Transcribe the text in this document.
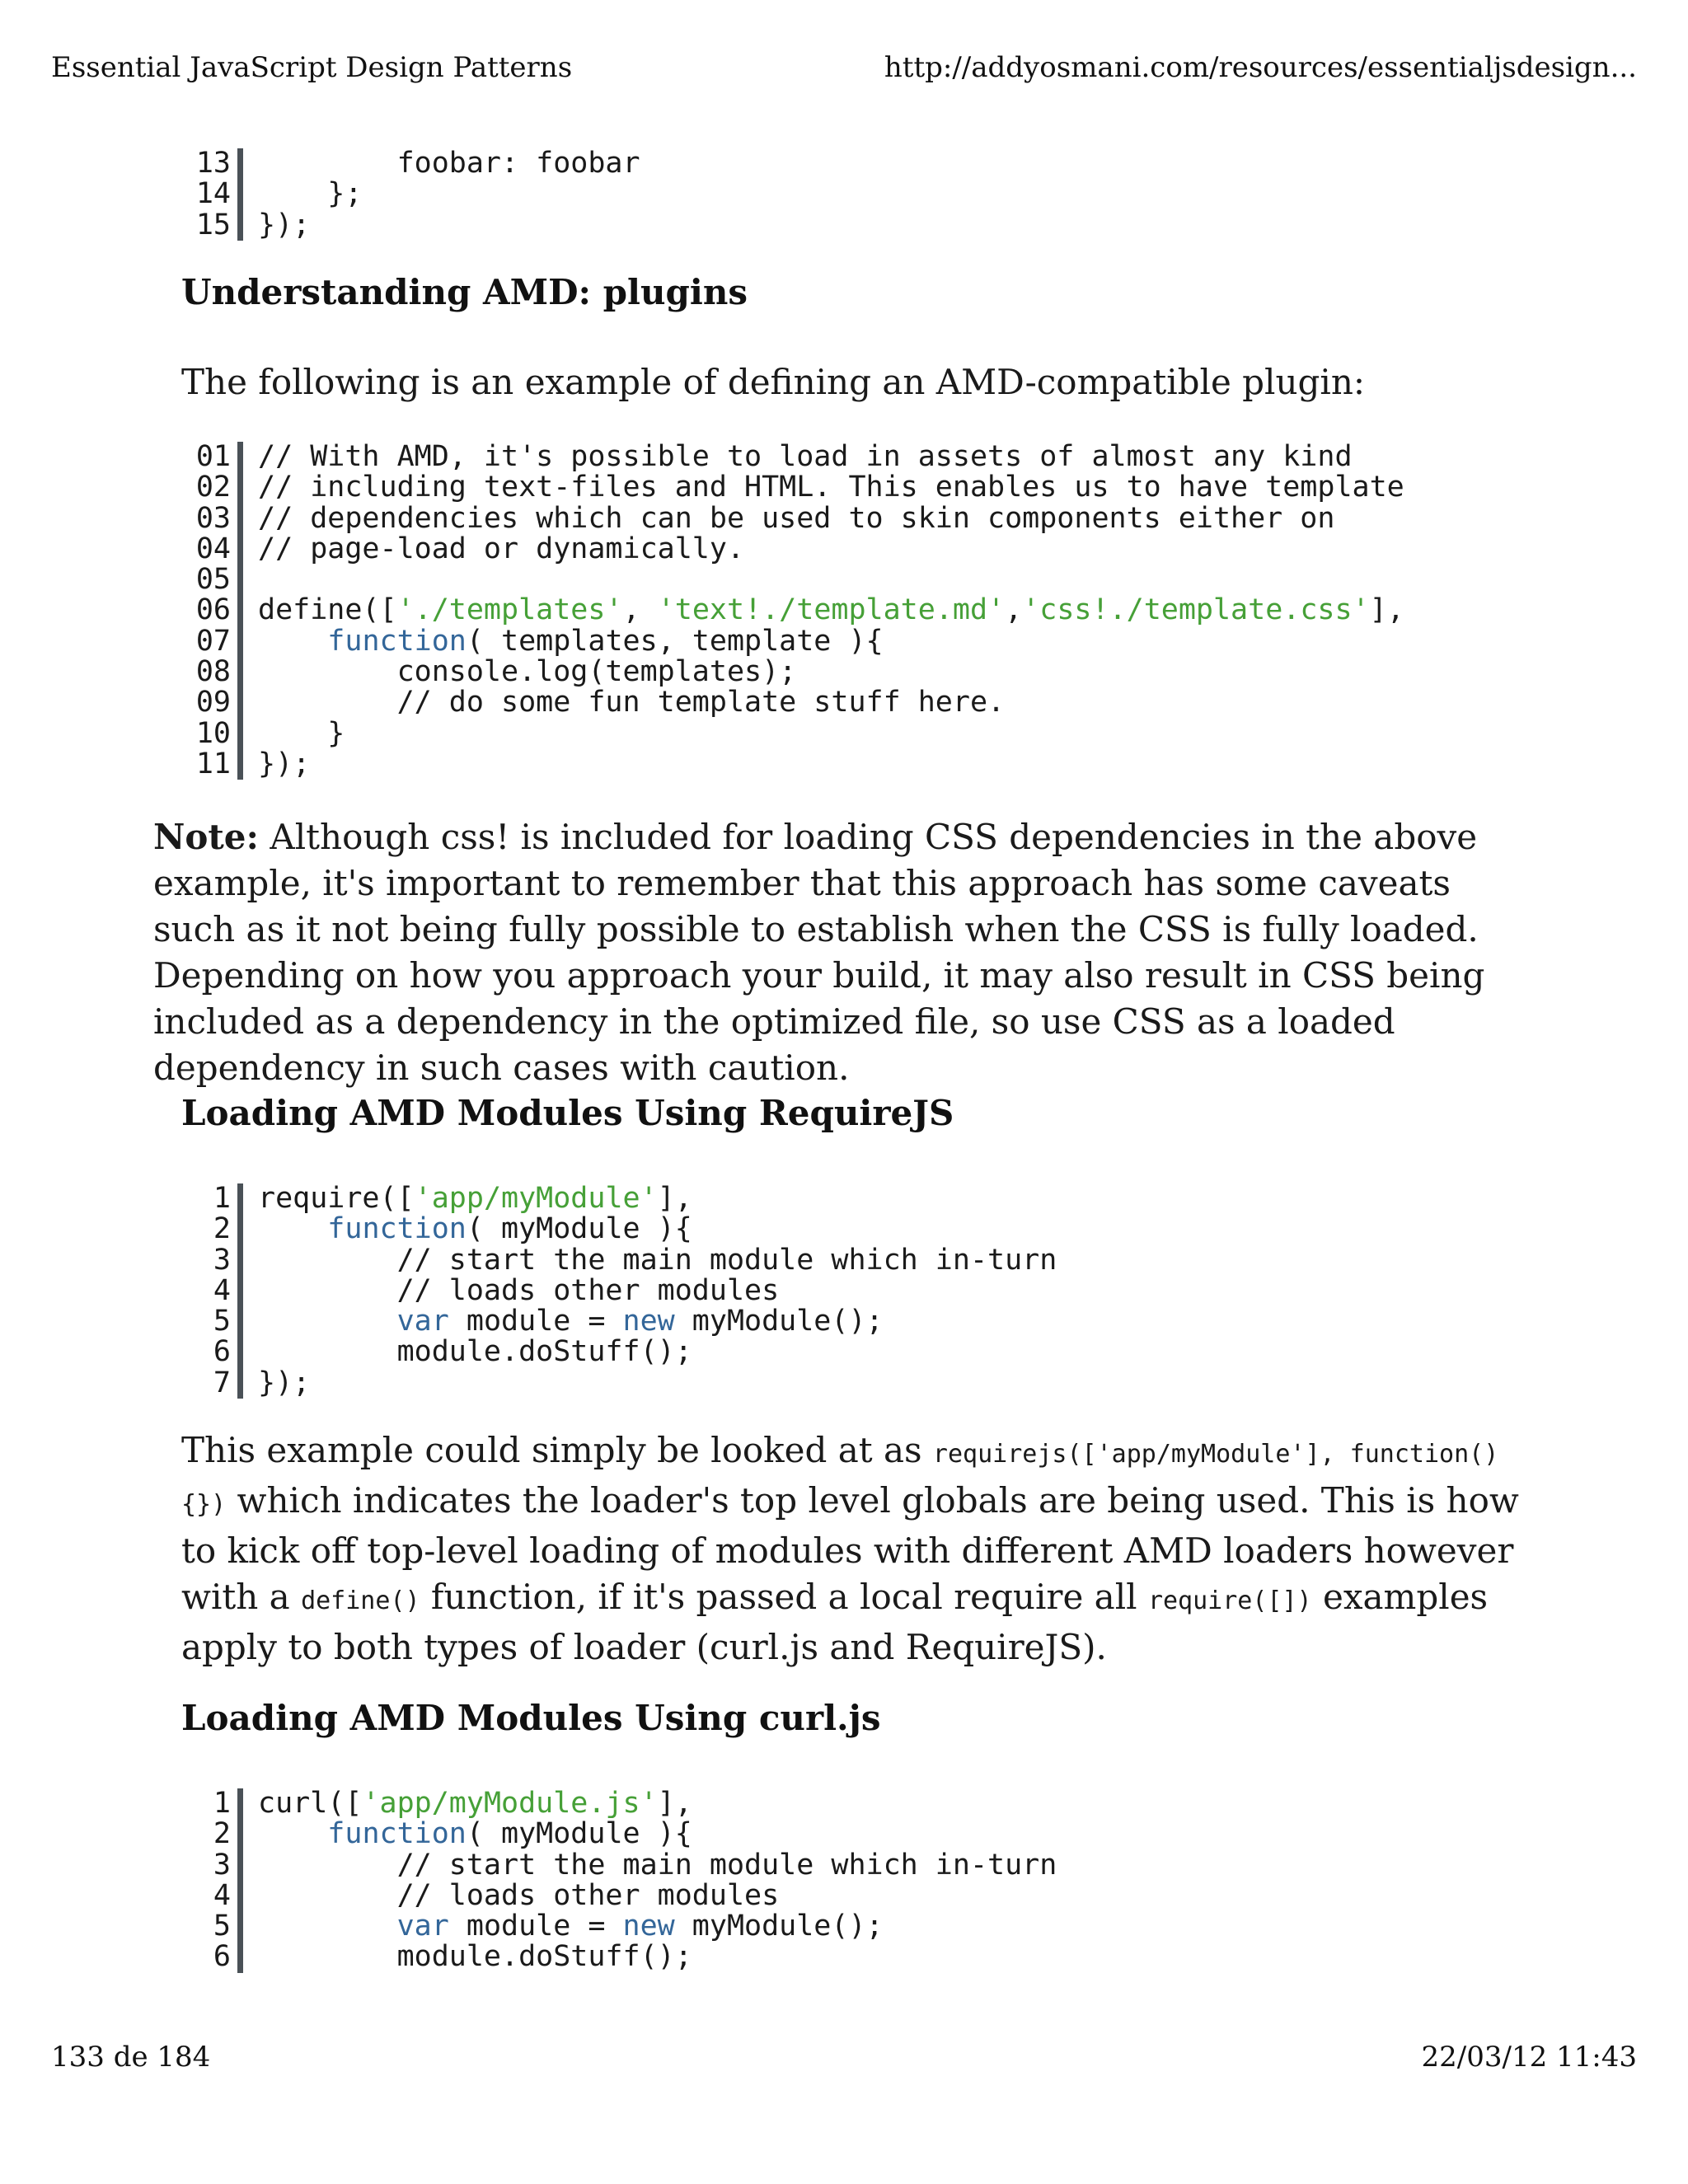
Essential JavaScript Design Patterns	http://addyosmani.com/resources/essentialjsdesign...
13 foobar: foobar
14 };
15 });
Understanding AMD: plugins
The following is an example of defining an AMD-compatible plugin:
01 // With AMD, it's possible to load in assets of almost any kind
02 // including text-files and HTML. This enables us to have template
03 // dependencies which can be used to skin components either on
04 // page-load or dynamically.
05
06 define(['./templates', 'text!./template.md','css!./template.css'],
07	function( templates, template ){
08 console.log(templates);
09 // do some fun template stuff here.
10 }
11 });
Note: Although css! is included for loading CSS dependencies in the above example, it's important to remember that this approach has some caveats such as it not being fully possible to establish when the CSS is fully loaded. Depending on how you approach your build, it may also result in CSS being included as a dependency in the optimized file, so use CSS as a loaded dependency in such cases with caution.
Loading AMD Modules Using RequireJS
1 require(['app/myModule'],
2	function( myModule ){
3 // start the main module which in-turn
4 // loads other modules
5	var module = new myModule();
6 module.doStuff();
7 });
This example could simply be looked at as requirejs(['app/myModule'], function(){}) which indicates the loader's top level globals are being used. This is how to kick off top-level loading of modules with different AMD loaders however with a define() function, if it's passed a local require all require([]) examples apply to both types of loader (curl.js and RequireJS).
Loading AMD Modules Using curl.js
1 curl(['app/myModule.js'],
2	function( myModule ){
3 // start the main module which in-turn
4 // loads other modules
5	var module = new myModule();
6 module.doStuff();
133 de 184	22/03/12 11:43
